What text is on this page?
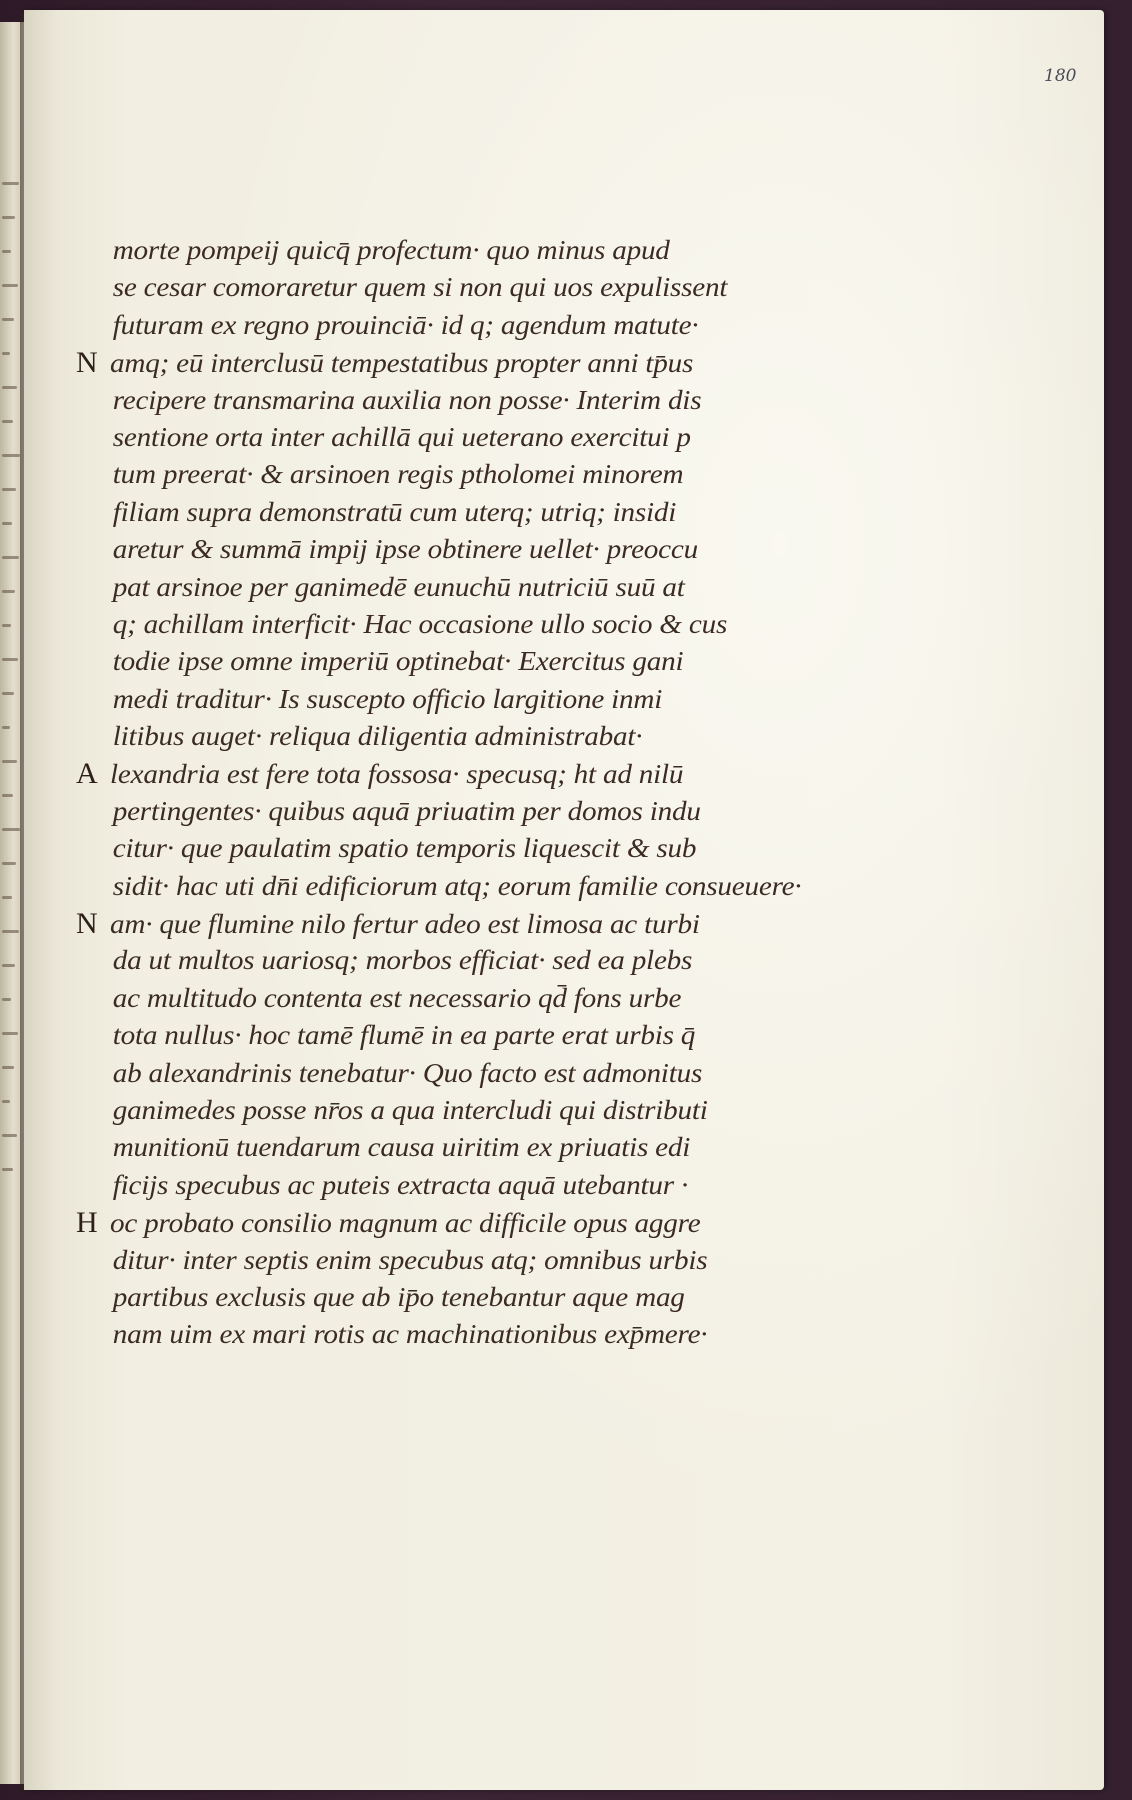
180
morte pompeij quicq̄ profectum· quo minus apud
se cesar comoraretur quem si non qui uos expulissent
futuram ex regno prouinciā· id q; agendum matute·
N amq; eū interclusū tempestatibus propter anni tp̄us
recipere transmarina auxilia non posse· Interim dis
sentione orta inter achillā qui ueterano exercitui p
tum preerat· & arsinoen regis ptholomei minorem
filiam supra demonstratū cum uterq; utriq; insidi
aretur & summā impij ipse obtinere uellet· preoccu
pat arsinoe per ganimedē eunuchū nutriciū suū at
q; achillam interficit· Hac occasione ullo socio & cus
todie ipse omne imperiū optinebat· Exercitus gani
medi traditur· Is suscepto officio largitione inmi
litibus auget· reliqua diligentia administrabat·
A lexandria est fere tota fossosa· specusq; ht ad nilū
pertingentes· quibus aquā priuatim per domos indu
citur· que paulatim spatio temporis liquescit & sub
sidit· hac uti dn̄i edificiorum atq; eorum familie consueuere·
N am· que flumine nilo fertur adeo est limosa ac turbi
da ut multos uariosq; morbos efficiat· sed ea plebs
ac multitudo contenta est necessario qd̄ fons urbe
tota nullus· hoc tamē flumē in ea parte erat urbis q̄
ab alexandrinis tenebatur· Quo facto est admonitus
ganimedes posse nr̄os a qua intercludi qui distributi
munitionū tuendarum causa uiritim ex priuatis edi
ficijs specubus ac puteis extracta aquā utebantur ·
H oc probato consilio magnum ac difficile opus aggre
ditur· inter septis enim specubus atq; omnibus urbis
partibus exclusis que ab ip̄o tenebantur aque mag
nam uim ex mari rotis ac machinationibus exp̄mere·
